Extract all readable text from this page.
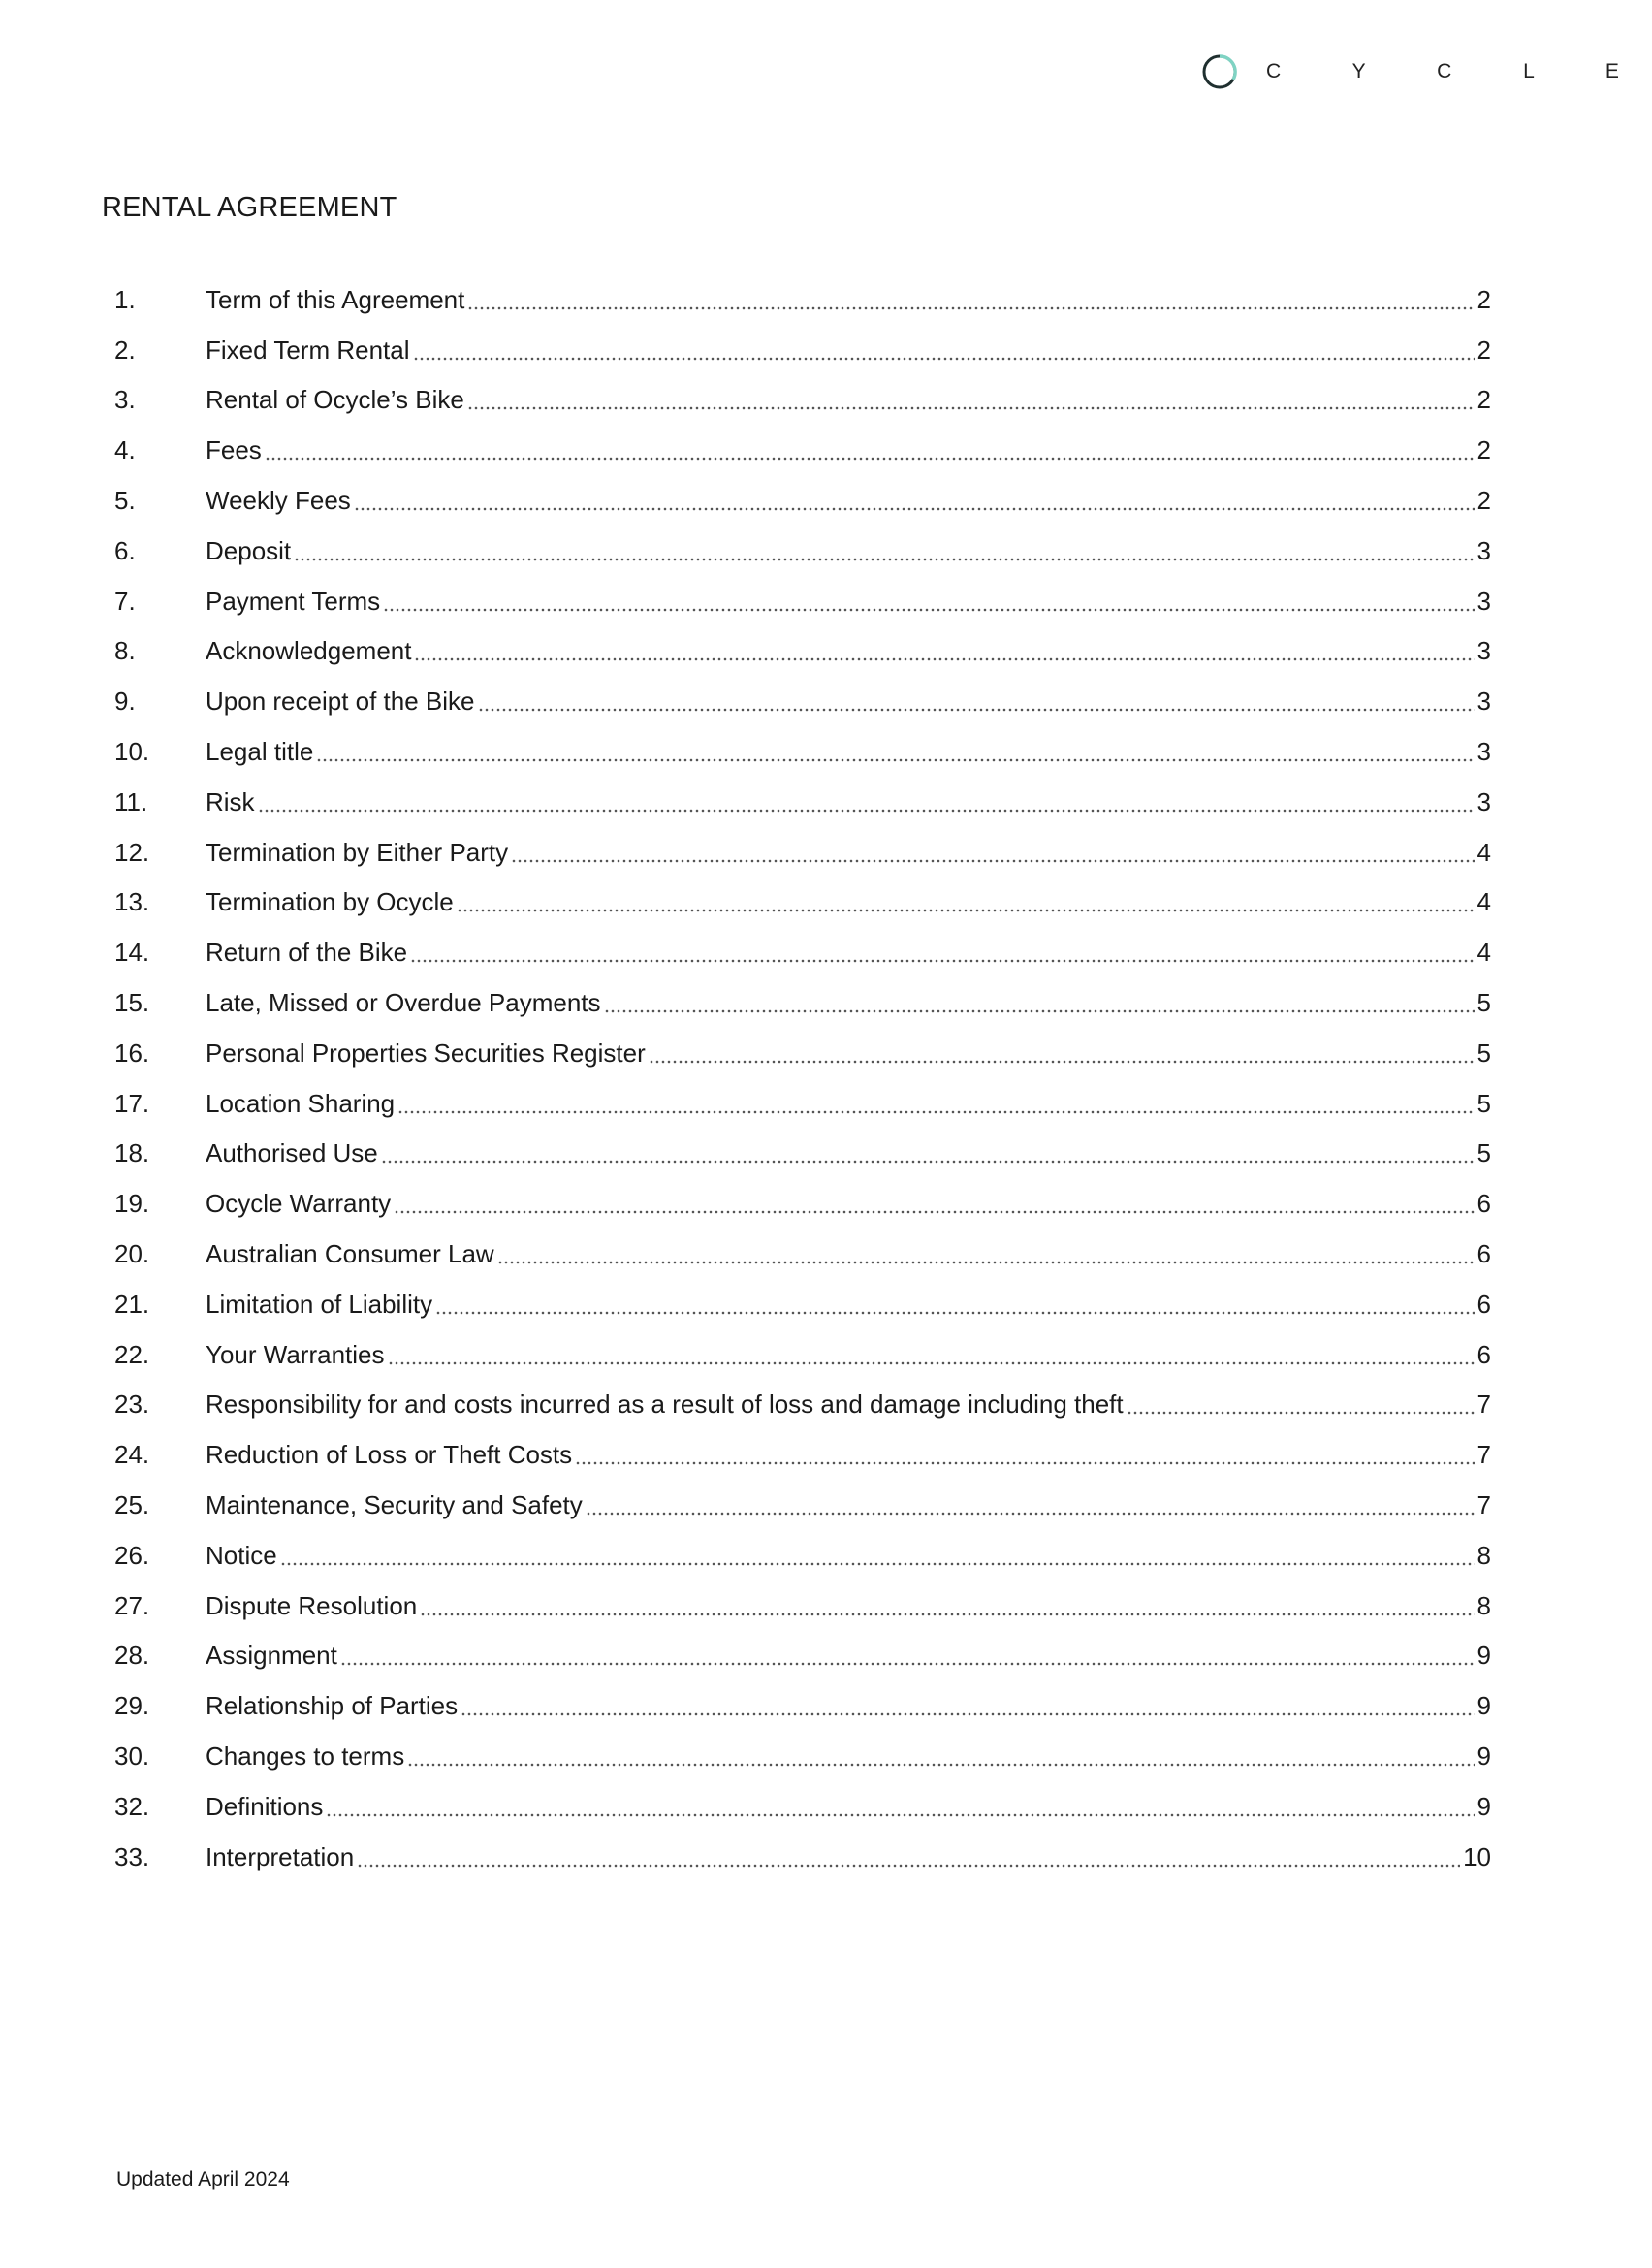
C Y C L E
RENTAL AGREEMENT
1.	Term of this Agreement	2
2.	Fixed Term Rental	2
3.	Rental of Ocycle’s Bike	2
4.	Fees	2
5.	Weekly Fees	2
6.	Deposit	3
7.	Payment Terms	3
8.	Acknowledgement	3
9.	Upon receipt of the Bike	3
10.	Legal title	3
11.	Risk	3
12.	Termination by Either Party	4
13.	Termination by Ocycle	4
14.	Return of the Bike	4
15.	Late, Missed or Overdue Payments	5
16.	Personal Properties Securities Register	5
17.	Location Sharing	5
18.	Authorised Use	5
19.	Ocycle Warranty	6
20.	Australian Consumer Law	6
21.	Limitation of Liability	6
22.	Your Warranties	6
23.	Responsibility for and costs incurred as a result of loss and damage including theft	7
24.	Reduction of Loss or Theft Costs	7
25.	Maintenance, Security and Safety	7
26.	Notice	8
27.	Dispute Resolution	8
28.	Assignment	9
29.	Relationship of Parties	9
30.	Changes to terms	9
32.	Definitions	9
33.	Interpretation	10
Updated April 2024
